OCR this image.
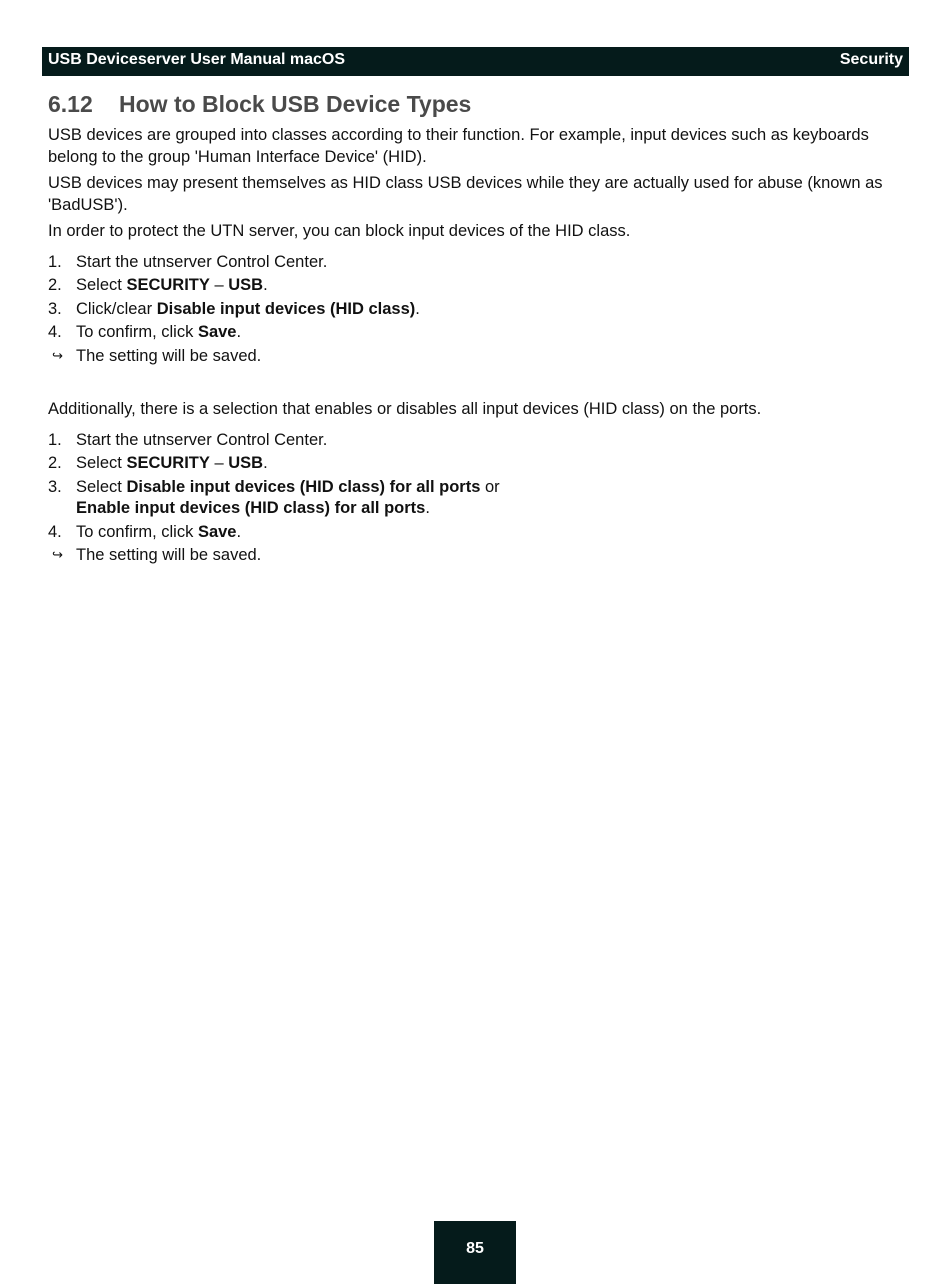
USB Deviceserver User Manual macOS	Security
6.12	How to Block USB Device Types

USB devices are grouped into classes according to their function. For example, input devices such as keyboards belong to the group 'Human Interface Device' (HID).

USB devices may present themselves as HID class USB devices while they are actually used for abuse (known as 'BadUSB').

In order to protect the UTN server, you can block input devices of the HID class.

1. Start the utnserver Control Center.
2. Select SECURITY – USB.
3. Click/clear Disable input devices (HID class).
4. To confirm, click Save.
↪ The setting will be saved.

Additionally, there is a selection that enables or disables all input devices (HID class) on the ports.

1. Start the utnserver Control Center.
2. Select SECURITY – USB.
3. Select Disable input devices (HID class) for all ports or
Enable input devices (HID class) for all ports.
4. To confirm, click Save.
↪ The setting will be saved.
85
